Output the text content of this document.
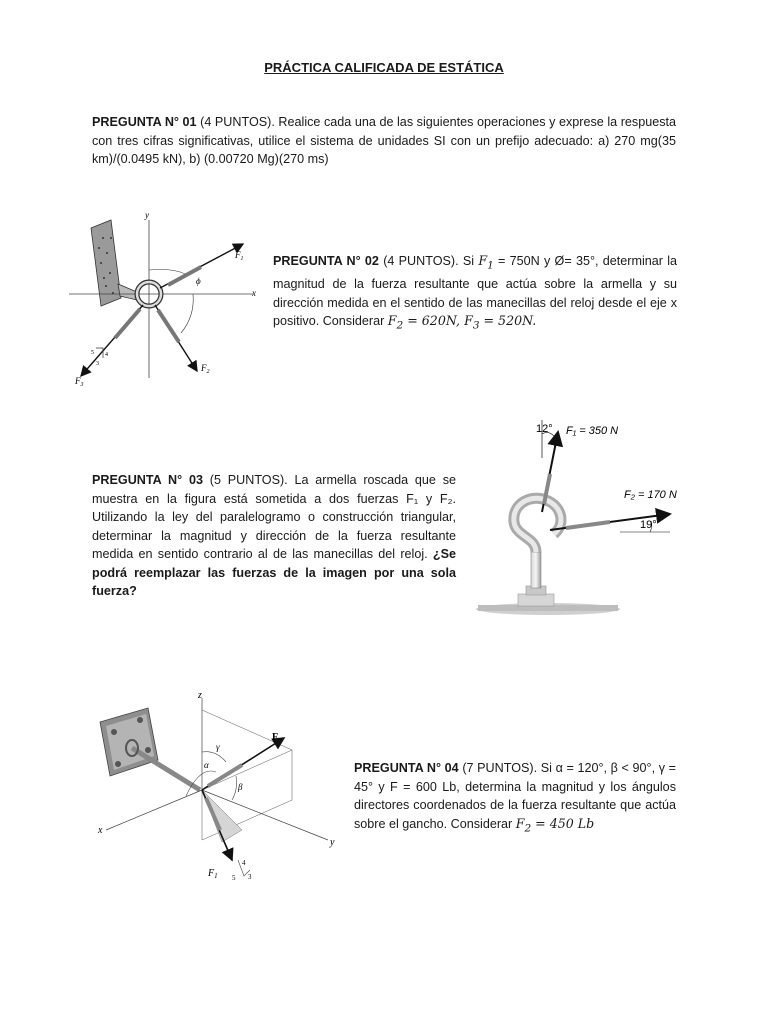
PRÁCTICA CALIFICADA DE ESTÁTICA
PREGUNTA N° 01 (4 PUNTOS). Realice cada una de las siguientes operaciones y exprese la respuesta con tres cifras significativas, utilice el sistema de unidades SI con un prefijo adecuado: a) 270 mg(35 km)/(0.0495 kN), b) (0.00720 Mg)(270 ms)
y
x
$F_1$
$F_2$
$F_3$
5 4
3
ϕ
PREGUNTA N° 02 (4 PUNTOS). Si $F_1 = 750N$ y Ø= 35°, determinar la magnitud de la fuerza resultante que actúa sobre la armella y su dirección medida en el sentido de las manecillas del reloj desde el eje x positivo. Considerar $F_2 = 620N$, $F_3 = 520N$.
PREGUNTA N° 03 (5 PUNTOS). La armella roscada que se muestra en la figura está sometida a dos fuerzas F₁ y F₂. Utilizando la ley del paralelogramo o construcción triangular, determinar la magnitud y dirección de la fuerza resultante medida en sentido contrario al de las manecillas del reloj. ¿Se podrá reemplazar las fuerzas de la imagen por una sola fuerza?
12° F₁ = 350 N
19°
F₂ = 170 N
z
x
y
F
$F_1$
4
5 3
γ
α
β
PREGUNTA N° 04 (7 PUNTOS). Si α = 120°, β < 90°, γ = 45° y F = 600 Lb, determina la magnitud y los ángulos directores coordenados de la fuerza resultante que actúa sobre el gancho. Considerar $F_2 = 450$ Lb
